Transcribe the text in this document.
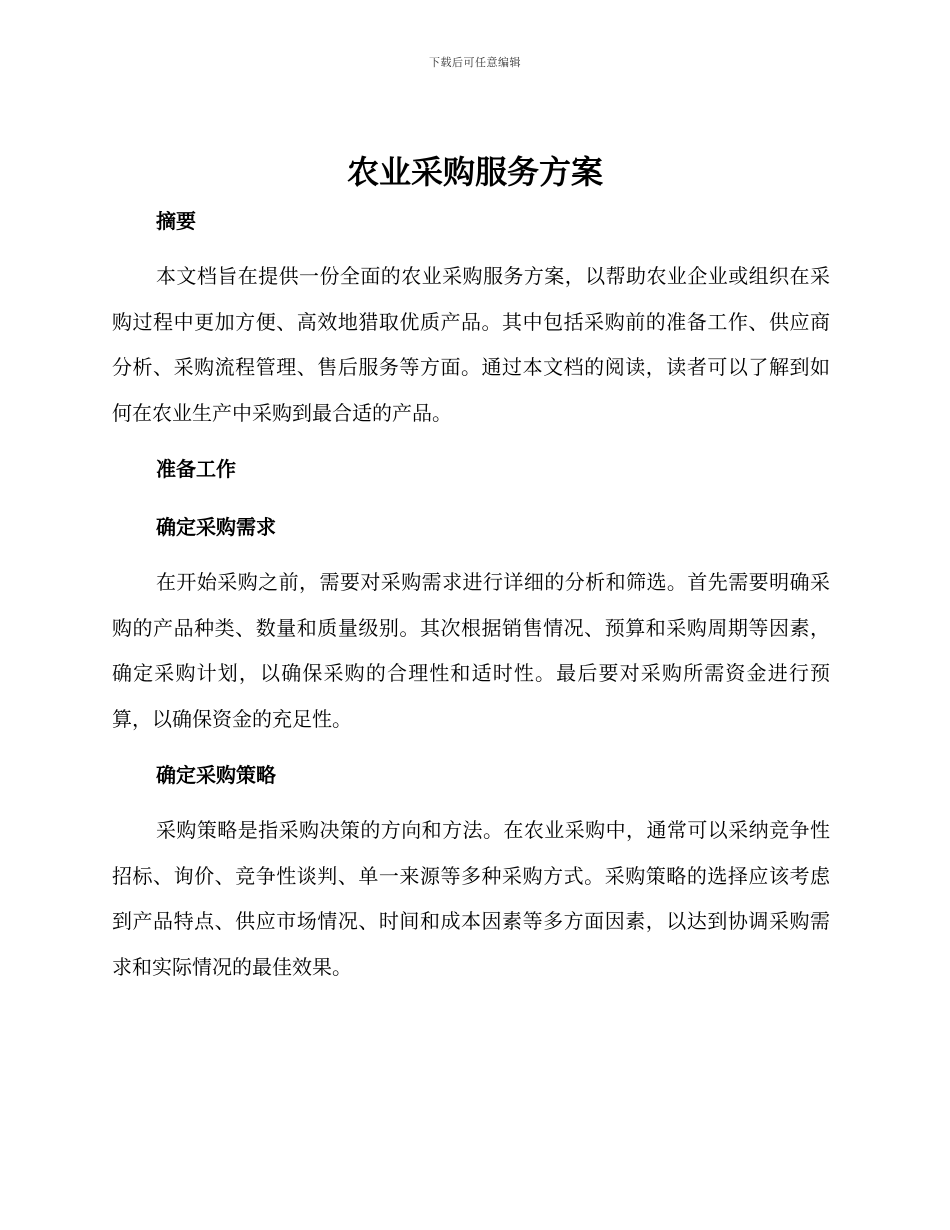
下载后可任意编辑
农业采购服务方案
摘要

本文档旨在提供一份全面的农业采购服务方案，以帮助农业企业或组织在采购过程中更加方便、高效地猎取优质产品。其中包括采购前的准备工作、供应商分析、采购流程管理、售后服务等方面。通过本文档的阅读，读者可以了解到如何在农业生产中采购到最合适的产品。

准备工作
确定采购需求

在开始采购之前，需要对采购需求进行详细的分析和筛选。首先需要明确采购的产品种类、数量和质量级别。其次根据销售情况、预算和采购周期等因素，确定采购计划，以确保采购的合理性和适时性。最后要对采购所需资金进行预算，以确保资金的充足性。

确定采购策略

采购策略是指采购决策的方向和方法。在农业采购中，通常可以采纳竞争性招标、询价、竞争性谈判、单一来源等多种采购方式。采购策略的选择应该考虑到产品特点、供应市场情况、时间和成本因素等多方面因素，以达到协调采购需求和实际情况的最佳效果。
